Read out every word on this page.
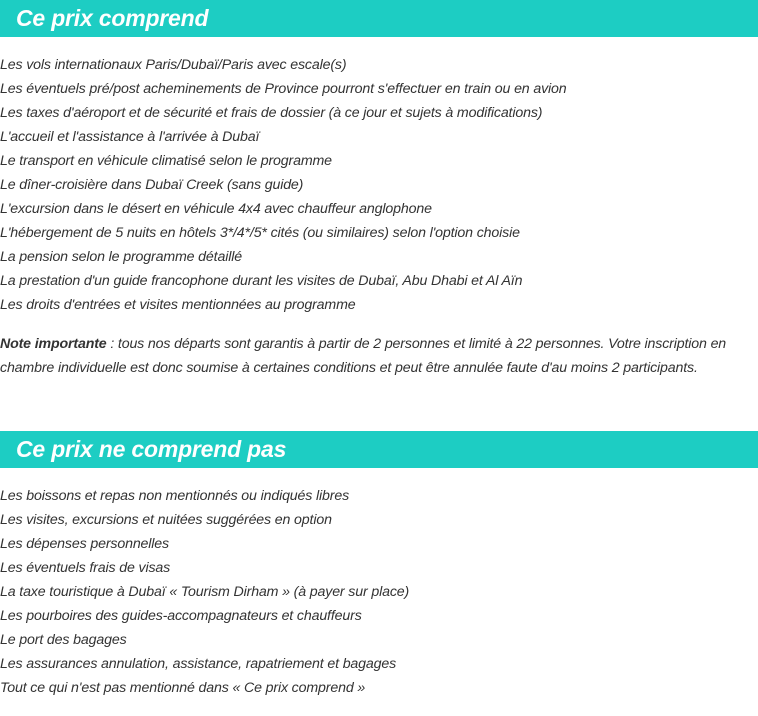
Ce prix comprend
Les vols internationaux Paris/Dubaï/Paris avec escale(s)
Les éventuels pré/post acheminements de Province pourront s'effectuer en train ou en avion
Les taxes d'aéroport et de sécurité et frais de dossier (à ce jour et sujets à modifications)
L'accueil et l'assistance à l'arrivée à Dubaï
Le transport en véhicule climatisé selon le programme
Le dîner-croisière dans Dubaï Creek (sans guide)
L'excursion dans le désert en véhicule 4x4 avec chauffeur anglophone
L'hébergement de 5 nuits en hôtels 3*/4*/5* cités (ou similaires) selon l'option choisie
La pension selon le programme détaillé
La prestation d'un guide francophone durant les visites de Dubaï, Abu Dhabi et Al Aïn
Les droits d'entrées et visites mentionnées au programme

Note importante : tous nos départs sont garantis à partir de 2 personnes et limité à 22 personnes. Votre inscription en chambre individuelle est donc soumise à certaines conditions et peut être annulée faute d'au moins 2 participants.

Ce prix ne comprend pas
Les boissons et repas non mentionnés ou indiqués libres
Les visites, excursions et nuitées suggérées en option
Les dépenses personnelles
Les éventuels frais de visas
La taxe touristique à Dubaï « Tourism Dirham » (à payer sur place)
Les pourboires des guides-accompagnateurs et chauffeurs
Le port des bagages
Les assurances annulation, assistance, rapatriement et bagages
Tout ce qui n'est pas mentionné dans « Ce prix comprend »
